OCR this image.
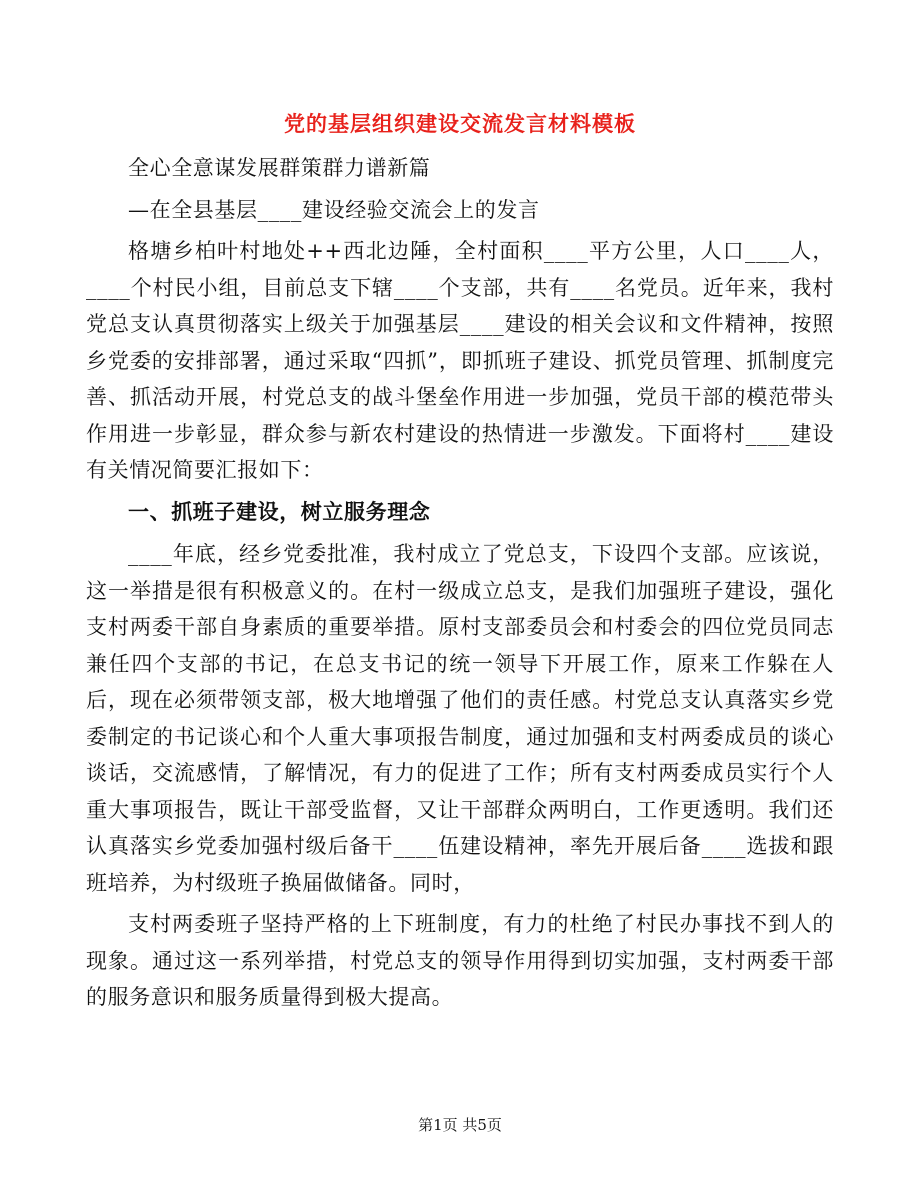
党的基层组织建设交流发言材料模板

全心全意谋发展群策群力谱新篇

—在全县基层____建设经验交流会上的发言

格塘乡柏叶村地处++西北边陲，全村面积____平方公里，人口____人，____个村民小组，目前总支下辖____个支部，共有____名党员。近年来，我村党总支认真贯彻落实上级关于加强基层____建设的相关会议和文件精神，按照乡党委的安排部署，通过采取“四抓”，即抓班子建设、抓党员管理、抓制度完善、抓活动开展，村党总支的战斗堡垒作用进一步加强，党员干部的模范带头作用进一步彰显，群众参与新农村建设的热情进一步激发。下面将村____建设有关情况简要汇报如下：

一、抓班子建设，树立服务理念

____年底，经乡党委批准，我村成立了党总支，下设四个支部。应该说，这一举措是很有积极意义的。在村一级成立总支，是我们加强班子建设，强化支村两委干部自身素质的重要举措。原村支部委员会和村委会的四位党员同志兼任四个支部的书记，在总支书记的统一领导下开展工作，原来工作躲在人后，现在必须带领支部，极大地增强了他们的责任感。村党总支认真落实乡党委制定的书记谈心和个人重大事项报告制度，通过加强和支村两委成员的谈心谈话，交流感情，了解情况，有力的促进了工作；所有支村两委成员实行个人重大事项报告，既让干部受监督，又让干部群众两明白，工作更透明。我们还认真落实乡党委加强村级后备干____伍建设精神，率先开展后备____选拔和跟班培养，为村级班子换届做储备。同时，

支村两委班子坚持严格的上下班制度，有力的杜绝了村民办事找不到人的现象。通过这一系列举措，村党总支的领导作用得到切实加强，支村两委干部的服务意识和服务质量得到极大提高。

第1页 共5页
